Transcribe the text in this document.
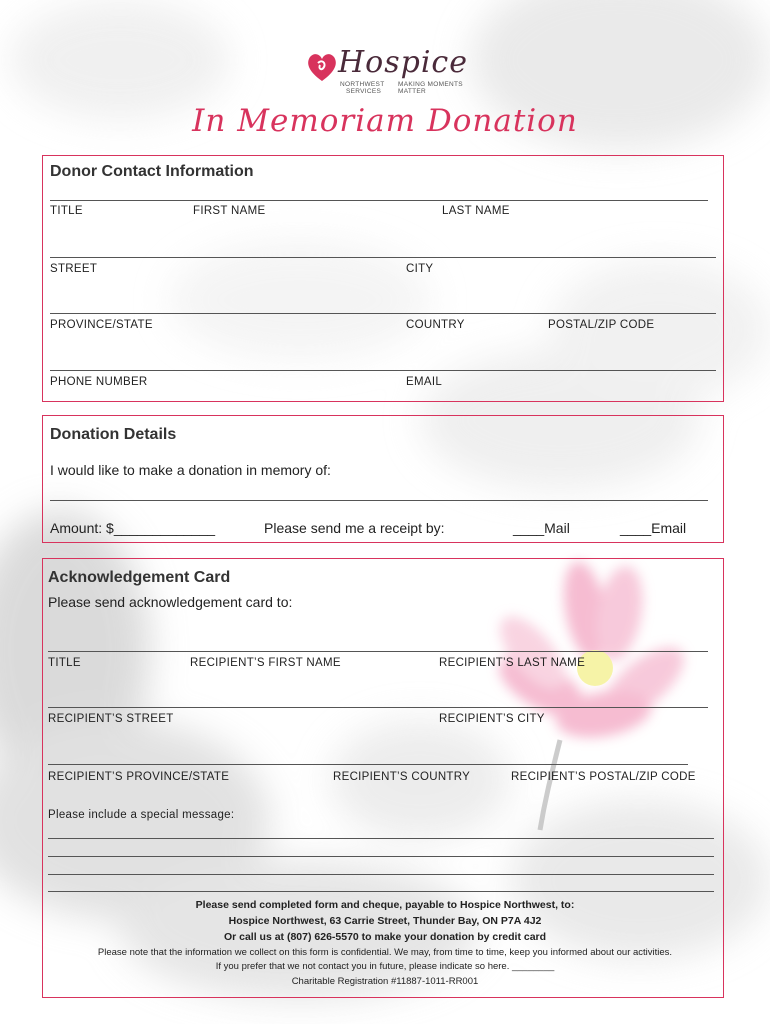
Hospice
NORTHWEST
SERVICES
MAKING MOMENTS
MATTER
In Memoriam Donation
Donor Contact Information
TITLE	FIRST NAME	LAST NAME
STREET	CITY
PROVINCE/STATE	COUNTRY	POSTAL/ZIP CODE
PHONE NUMBER	EMAIL
Donation Details
I would like to make a donation in memory of:
Amount: $_____________	Please send me a receipt by:	____Mail	____Email
Acknowledgement Card
Please send acknowledgement card to:
TITLE	RECIPIENT’S FIRST NAME	RECIPIENT’S LAST NAME
RECIPIENT’S STREET	RECIPIENT’S CITY
RECIPIENT’S PROVINCE/STATE	RECIPIENT’S COUNTRY	RECIPIENT’S POSTAL/ZIP CODE
Please include a special message:
Please send completed form and cheque, payable to Hospice Northwest, to:
Hospice Northwest, 63 Carrie Street, Thunder Bay, ON P7A 4J2
Or call us at (807) 626-5570 to make your donation by credit card
Please note that the information we collect on this form is confidential. We may, from time to time, keep you informed about our activities.
If you prefer that we not contact you in future, please indicate so here. ________
Charitable Registration #11887-1011-RR001
